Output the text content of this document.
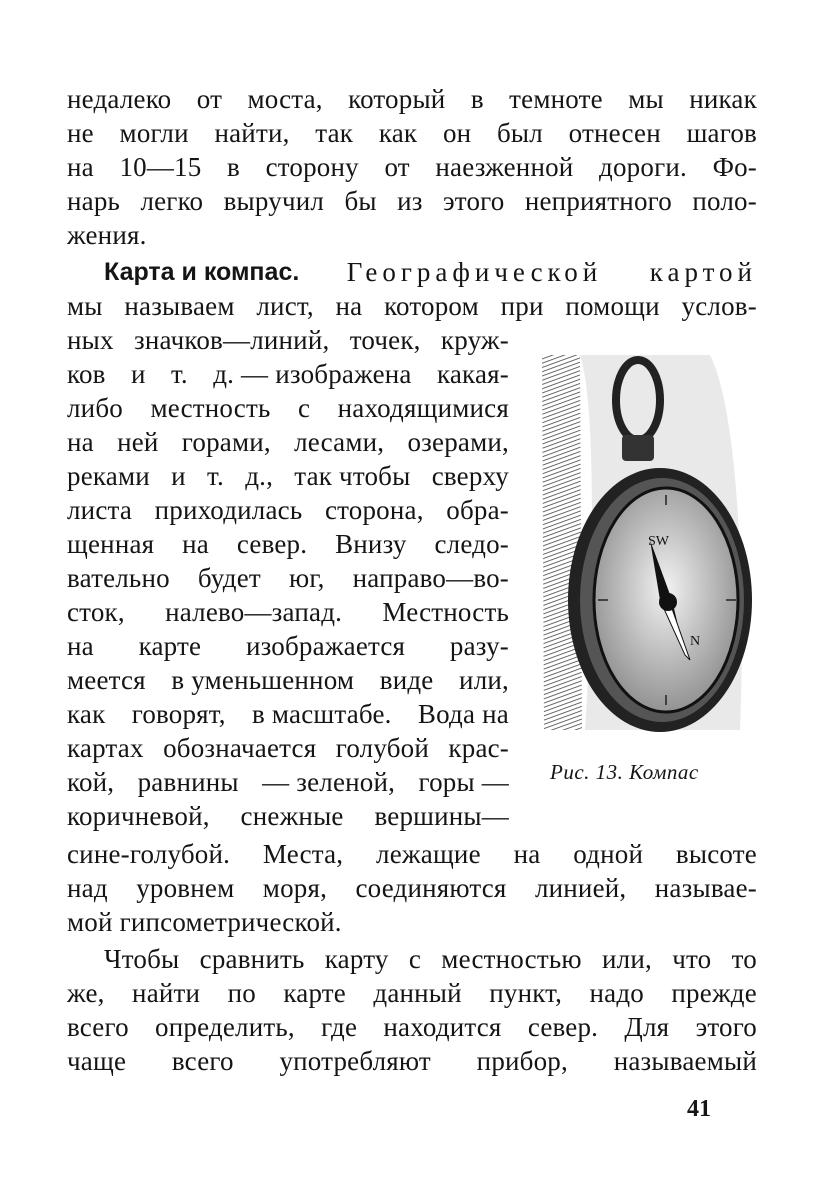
недалеко от моста, который в темноте мы никак
не могли найти, так как он был отнесен шагов
на 10—15 в сторону от наезженной дороги. Фо-
нарь легко выручил бы из этого неприятного поло-
жения.
Карта и компас. Географической картой
мы называем лист, на котором при помощи услов-
ных значков—линий, точек, круж-
ков и т. д. — изображена какая-
либо местность с находящимися
на ней горами, лесами, озерами,
реками и т. д., так чтобы сверху
листа приходилась сторона, обра-
щенная на север. Внизу следо-
вательно будет юг, направо—во-
сток, налево—запад. Местность
на карте изображается разу-
меется в уменьшенном виде или,
как говорят, в масштабе. Вода на
картах обозначается голубой крас-
кой, равнины — зеленой, горы —
коричневой, снежные вершины—
сине-голубой. Места, лежащие на одной высоте
над уровнем моря, соединяются линией, называе-
мой гипсометрической.
Чтобы сравнить карту с местностью или, что то
же, найти по карте данный пункт, надо прежде
всего определить, где находится север. Для этого
чаще всего употребляют прибор, называемый
SW
N
Рис. 13. Компас
41
